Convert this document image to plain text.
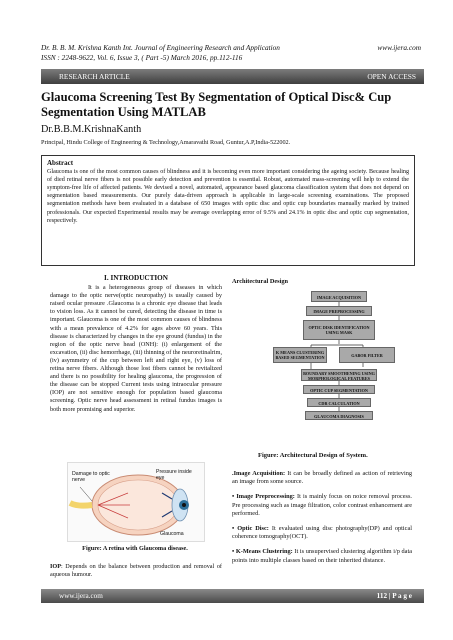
Dr. B. B. M. Krishna Kanth Int. Journal of Engineering Research and Application	www.ijera.com
ISSN : 2248-9622, Vol. 6, Issue 3, ( Part -5) March 2016, pp.112-116
RESEARCH ARTICLE	OPEN ACCESS
Glaucoma Screening Test By Segmentation of Optical Disc& Cup Segmentation Using MATLAB
Dr.B.B.M.KrishnaKanth
Principal, Hindu College of Engineering & Technology,Amaravathi Road, Guntur,A.P,India-522002.
Abstract
Glaucoma is one of the most common causes of blindness and it is becoming even more important considering the ageing society. Because healing of died retinal nerve fibers is not possible early detection and prevention is essential. Robust, automated mass-screening will help to extend the symptom-free life of affected patients. We devised a novel, automated, appearance based glaucoma classification system that does not depend on segmentation based measurements. Our purely data-driven approach is applicable in large-scale screening examinations. The proposed segmentation methods have been evaluated in a database of 650 images with optic disc and optic cup boundaries manually marked by trained professionals. Our expected Experimental results may be average overlapping error of 9.5% and 24.1% in optic disc and optic cup segmentation, respectively.
I. INTRODUCTION

It is a heterogeneous group of diseases in which damage to the optic nerve(optic neuropathy) is usually caused by raised ocular pressure .Glaucoma is a chronic eye disease that leads to vision loss. As it cannot be cured, detecting the disease in time is important. Glaucoma is one of the most common causes of blindness with a mean prevalence of 4.2% for ages above 60 years. This disease is characterized by changes in the eye ground (fundus) in the region of the optic nerve head (ONH): (i) enlargement of the excavation, (ii) disc hemorrhage, (iii) thinning of the neuroretinalrim, (iv) asymmetry of the cup between left and right eye, (v) loss of retina nerve fibers. Although those lost fibers cannot be revitalized and there is no possibility for healing glaucoma, the progression of the disease can be stopped Current tests using intraocular pressure (IOP) are not sensitive enough for population based glaucoma screening. Optic nerve head assessment in retinal fundus images is both more promising and superior.

Damage to optic nerve
Pressure inside eye
Glaucoma
Figure: A retina with Glaucoma disease.
IOP: Depends on the balance between production and removal of aqueous humour.
Architectural Design
IMAGE ACQUISITION
IMAGE PREPROCESSING
OPTIC DISK IDENTIFICATION USING MASK
K MEANS CLUSTERING BASED SEGMENTATION	GABOR FILTER
BOUNDARY SMOOTHENING USING MORPHOLOGICAL FEATURES
OPTIC CUP SEGMENTATION
CDR CALCULATION
GLAUCOMA DIAGNOSIS
Figure: Architectural Design of System.

.Image Acquisition: It can be broadly defined as action of retrieving an image from some source.

• Image Preprocessing: It is mainly focus on noice removal process. Pre processing such as image filtration, color contrast enhancement are performed.

• Optic Disc: It evaluated using disc photography(DP) and optical coherence tomography(OCT).

• K-Means Clustering: It is unsupervised clustering algorithm i/p data points into multiple classes based on their inherited distance.

www.ijera.com	112 | P a g e
